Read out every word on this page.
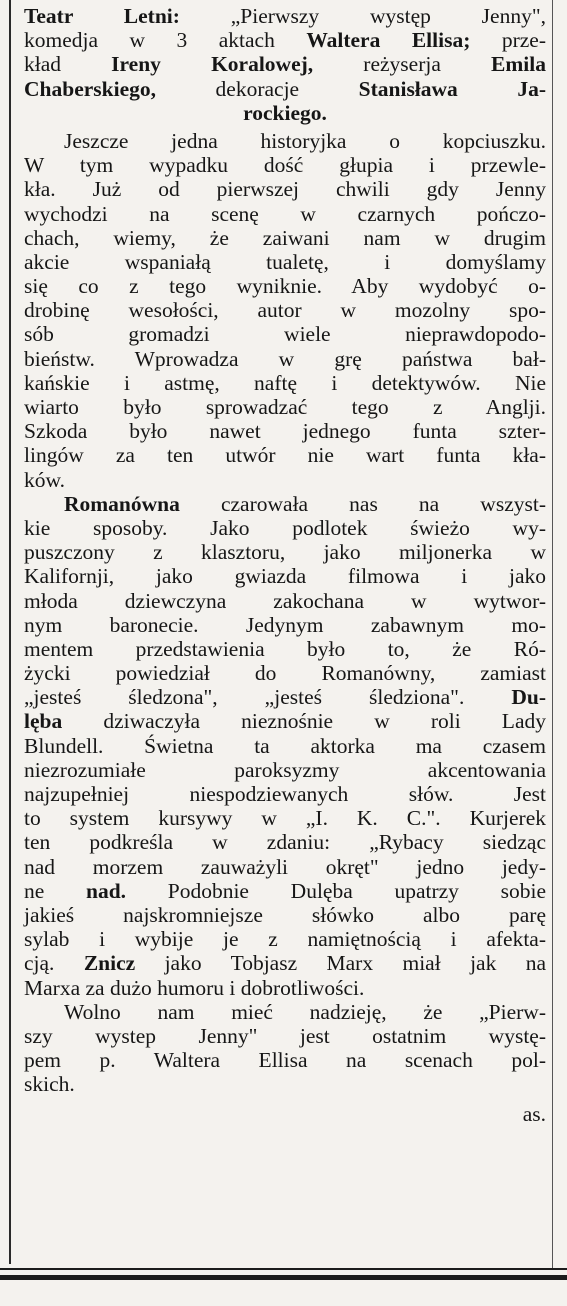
Teatr Letni: „Pierwszy występ Jenny",
komedja w 3 aktach Waltera Ellisa; prze-
kład Ireny Koralowej, reżyserja Emila
Chaberskiego, dekoracje Stanisława Ja-
rockiego.
Jeszcze jedna historyjka o kopciuszku.
W tym wypadku dość głupia i przewle-
kła. Już od pierwszej chwili gdy Jenny
wychodzi na scenę w czarnych pończo-
chach, wiemy, że zaiwani nam w drugim
akcie wspaniałą tualetę, i domyślamy
się co z tego wyniknie. Aby wydobyć o-
drobinę wesołości, autor w mozolny spo-
sób gromadzi wiele nieprawdopodo-
bieństw. Wprowadza w grę państwa bał-
kańskie i astmę, naftę i detektywów. Nie
wiarto było sprowadzać tego z Anglji.
Szkoda było nawet jednego funta szter-
lingów za ten utwór nie wart funta kła-
ków.
Romanówna czarowała nas na wszyst-
kie sposoby. Jako podlotek świeżo wy-
puszczony z klasztoru, jako miljonerka w
Kalifornji, jako gwiazda filmowa i jako
młoda dziewczyna zakochana w wytwor-
nym baronecie. Jedynym zabawnym mo-
mentem przedstawienia było to, że Ró-
życki powiedział do Romanówny, zamiast
„jesteś śledzona", „jesteś śledziona". Du-
lęba dziwaczyła nieznośnie w roli Lady
Blundell. Świetna ta aktorka ma czasem
niezrozumiałe paroksyzmy akcentowania
najzupełniej niespodziewanych słów. Jest
to system kursywy w „I. K. C.". Kurjerek
ten podkreśla w zdaniu: „Rybacy siedząc
nad morzem zauważyli okręt" jedno jedy-
ne nad. Podobnie Dulęba upatrzy sobie
jakieś najskromniejsze słówko albo parę
sylab i wybije je z namiętnością i afekta-
cją. Znicz jako Tobjasz Marx miał jak na
Marxa za dużo humoru i dobrotliwości.
Wolno nam mieć nadzieję, że „Pierw-
szy wystep Jenny" jest ostatnim wystę-
pem p. Waltera Ellisa na scenach pol-
skich.
as.
